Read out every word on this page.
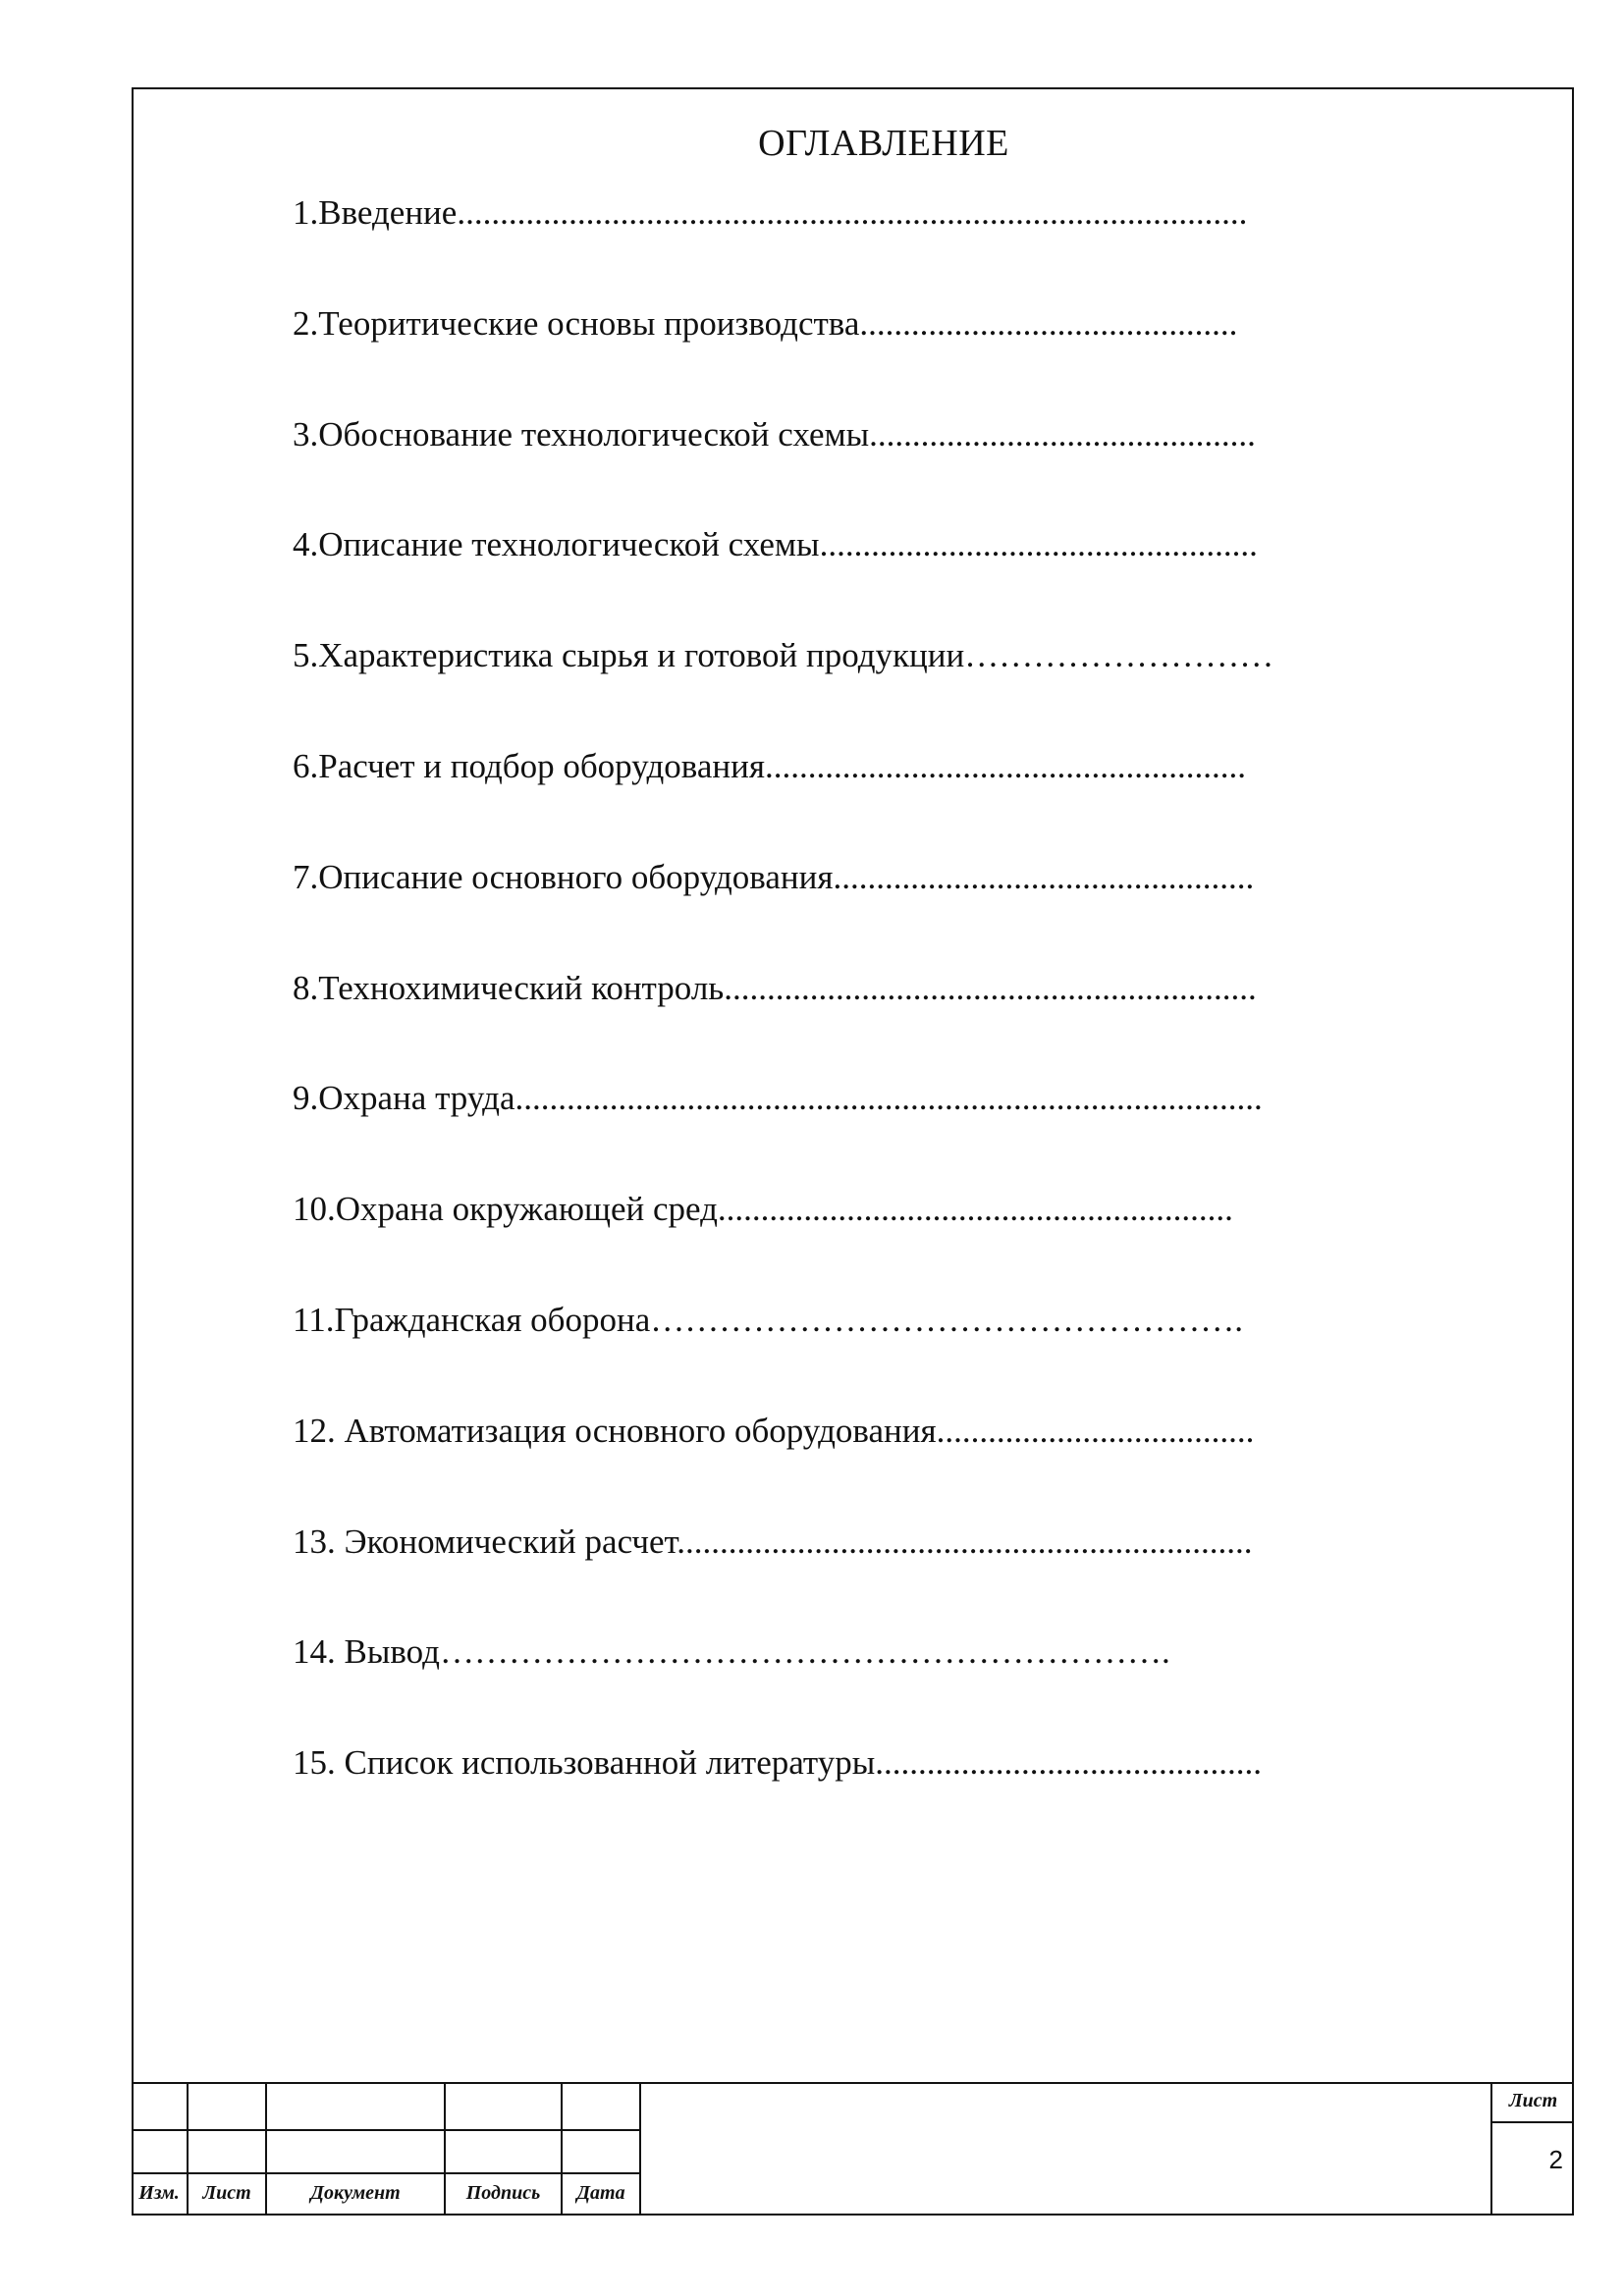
ОГЛАВЛЕНИЕ
1.Введение............................................................................................
2.Теоритические основы производства............................................
3.Обоснование технологической схемы.............................................
4.Описание технологической схемы...................................................
5.Характеристика сырья и готовой продукции………………………
6.Расчет и подбор оборудования........................................................
7.Описание основного оборудования.................................................
8.Технохимический контроль..............................................................
9.Охрана труда.......................................................................................
10.Охрана окружающей сред............................................................
11.Гражданская оборона…………………………………………….
12. Автоматизация основного оборудования.....................................
13. Экономический расчет...................................................................
14. Вывод……………………………………………………….
15. Список использованной литературы.............................................
Изм.	Лист	Документ	Подпись	Дата
Лист
2
